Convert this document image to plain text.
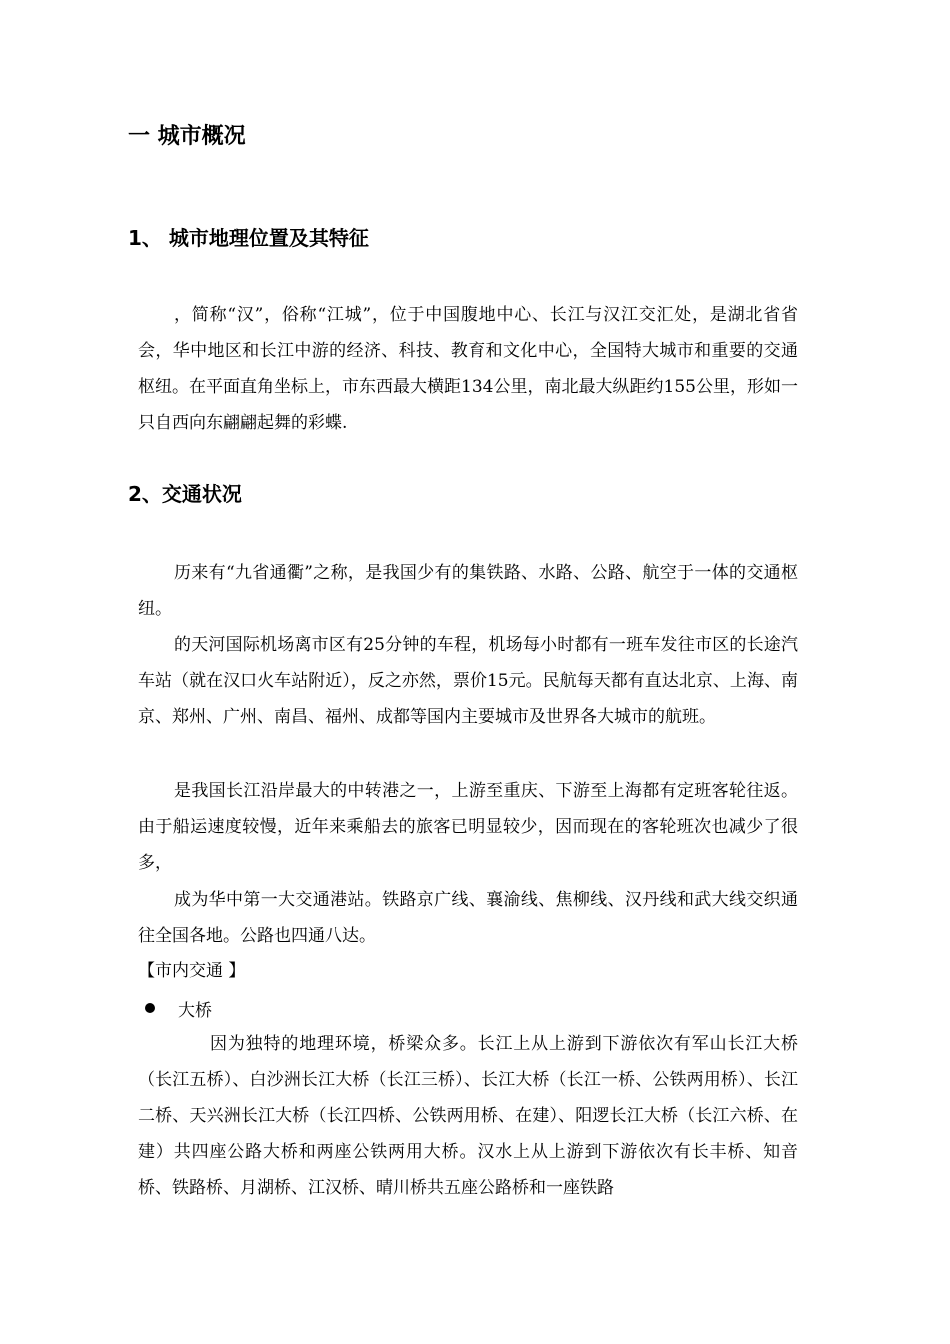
一 城市概况
1、 城市地理位置及其特征

，简称“汉”，俗称“江城”，位于中国腹地中心、长江与汉江交汇处，是湖北省省会，华中地区和长江中游的经济、科技、教育和文化中心，全国特大城市和重要的交通枢纽。在平面直角坐标上，市东西最大横距134公里，南北最大纵距约155公里，形如一只自西向东翩翩起舞的彩蝶.

2、交通状况

历来有“九省通衢”之称，是我国少有的集铁路、水路、公路、航空于一体的交通枢纽。

的天河国际机场离市区有25分钟的车程，机场每小时都有一班车发往市区的长途汽车站（就在汉口火车站附近），反之亦然，票价15元。民航每天都有直达北京、上海、南京、郑州、广州、南昌、福州、成都等国内主要城市及世界各大城市的航班。

是我国长江沿岸最大的中转港之一，上游至重庆、下游至上海都有定班客轮往返。由于船运速度较慢，近年来乘船去的旅客已明显较少，因而现在的客轮班次也减少了很多，

成为华中第一大交通港站。铁路京广线、襄渝线、焦柳线、汉丹线和武大线交织通往全国各地。公路也四通八达。

【市内交通 】
大桥

因为独特的地理环境，桥梁众多。长江上从上游到下游依次有军山长江大桥（长江五桥）、白沙洲长江大桥（长江三桥）、长江大桥（长江一桥、公铁两用桥）、长江二桥、天兴洲长江大桥（长江四桥、公铁两用桥、在建）、阳逻长江大桥（长江六桥、在建）共四座公路大桥和两座公铁两用大桥。汉水上从上游到下游依次有长丰桥、知音桥、铁路桥、月湖桥、江汉桥、晴川桥共五座公路桥和一座铁路
